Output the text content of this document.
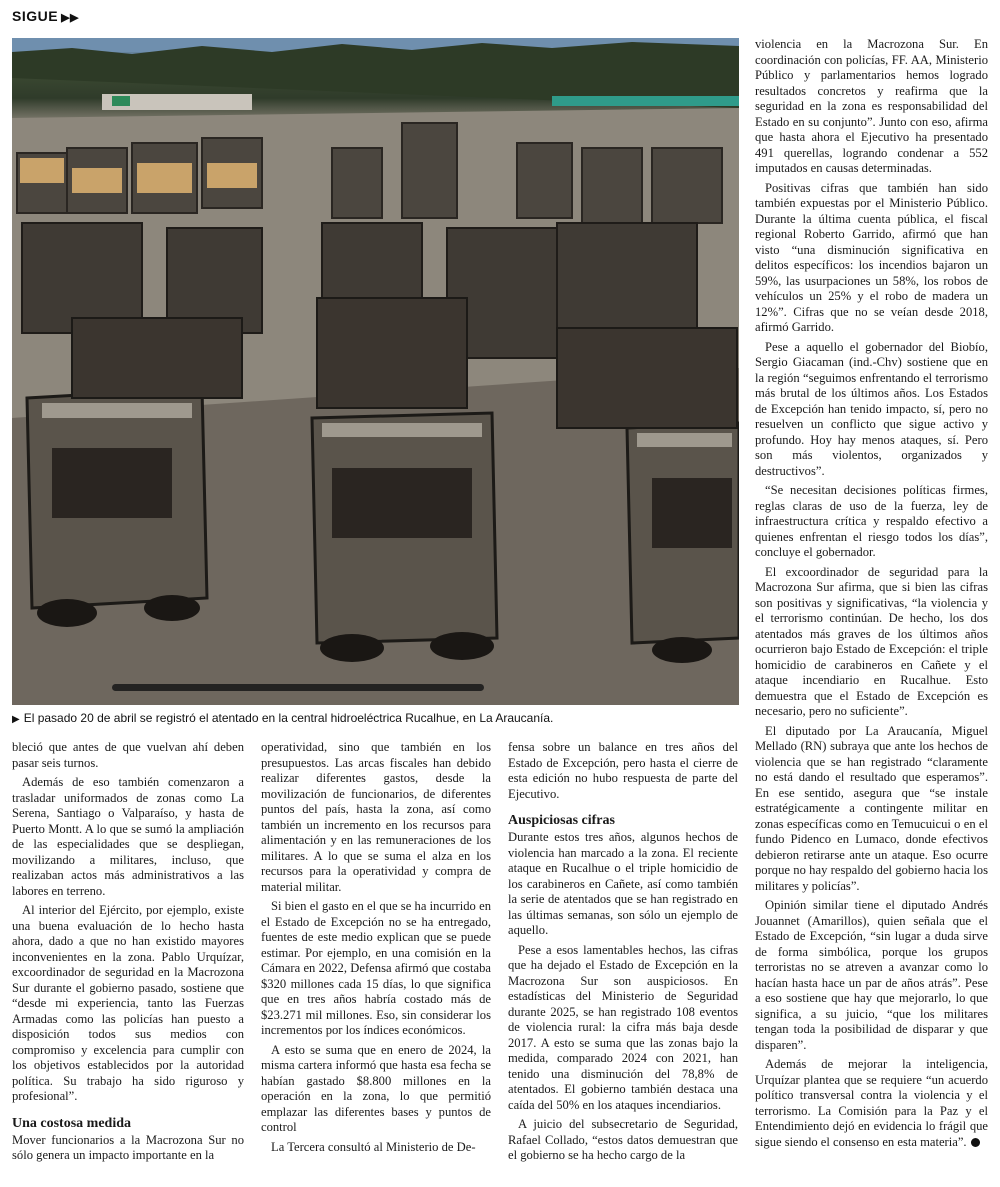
SIGUE ▶▶
▶ El pasado 20 de abril se registró el atentado en la central hidroeléctrica Rucalhue, en La Araucanía.

bleció que antes de que vuelvan ahí deben pasar seis turnos.

Además de eso también comenzaron a trasladar uniformados de zonas como La Serena, Santiago o Valparaíso, y hasta de Puerto Montt. A lo que se sumó la ampliación de las especialidades que se despliegan, movilizando a militares, incluso, que realizaban actos más administrativos a las labores en terreno.

Al interior del Ejército, por ejemplo, existe una buena evaluación de lo hecho hasta ahora, dado a que no han existido mayores inconvenientes en la zona. Pablo Urquízar, excoordinador de seguridad en la Macrozona Sur durante el gobierno pasado, sostiene que “desde mi experiencia, tanto las Fuerzas Armadas como las policías han puesto a disposición todos sus medios con compromiso y excelencia para cumplir con los objetivos establecidos por la autoridad política. Su trabajo ha sido riguroso y profesional”.

Una costosa medida

Mover funcionarios a la Macrozona Sur no sólo genera un impacto importante en la

operatividad, sino que también en los presupuestos. Las arcas fiscales han debido realizar diferentes gastos, desde la movilización de funcionarios, de diferentes puntos del país, hasta la zona, así como también un incremento en los recursos para alimentación y en las remuneraciones de los militares. A lo que se suma el alza en los recursos para la operatividad y compra de material militar.

Si bien el gasto en el que se ha incurrido en el Estado de Excepción no se ha entregado, fuentes de este medio explican que se puede estimar. Por ejemplo, en una comisión en la Cámara en 2022, Defensa afirmó que costaba $320 millones cada 15 días, lo que significa que en tres años habría costado más de $23.271 mil millones. Eso, sin considerar los incrementos por los índices económicos.

A esto se suma que en enero de 2024, la misma cartera informó que hasta esa fecha se habían gastado $8.800 millones en la operación en la zona, lo que permitió emplazar las diferentes bases y puntos de control

La Tercera consultó al Ministerio de De-

fensa sobre un balance en tres años del Estado de Excepción, pero hasta el cierre de esta edición no hubo respuesta de parte del Ejecutivo.

Auspiciosas cifras

Durante estos tres años, algunos hechos de violencia han marcado a la zona. El reciente ataque en Rucalhue o el triple homicidio de los carabineros en Cañete, así como también la serie de atentados que se han registrado en las últimas semanas, son sólo un ejemplo de aquello.

Pese a esos lamentables hechos, las cifras que ha dejado el Estado de Excepción en la Macrozona Sur son auspiciosos. En estadísticas del Ministerio de Seguridad durante 2025, se han registrado 108 eventos de violencia rural: la cifra más baja desde 2017. A esto se suma que las zonas bajo la medida, comparado 2024 con 2021, han tenido una disminución del 78,8% de atentados. El gobierno también destaca una caída del 50% en los ataques incendiarios.

A juicio del subsecretario de Seguridad, Rafael Collado, “estos datos demuestran que el gobierno se ha hecho cargo de la

violencia en la Macrozona Sur. En coordinación con policías, FF. AA, Ministerio Público y parlamentarios hemos logrado resultados concretos y reafirma que la seguridad en la zona es responsabilidad del Estado en su conjunto”. Junto con eso, afirma que hasta ahora el Ejecutivo ha presentado 491 querellas, logrando condenar a 552 imputados en causas determinadas.

Positivas cifras que también han sido también expuestas por el Ministerio Público. Durante la última cuenta pública, el fiscal regional Roberto Garrido, afirmó que han visto “una disminución significativa en delitos específicos: los incendios bajaron un 59%, las usurpaciones un 58%, los robos de vehículos un 25% y el robo de madera un 12%”. Cifras que no se veían desde 2018, afirmó Garrido.

Pese a aquello el gobernador del Biobío, Sergio Giacaman (ind.-Chv) sostiene que en la región “seguimos enfrentando el terrorismo más brutal de los últimos años. Los Estados de Excepción han tenido impacto, sí, pero no resuelven un conflicto que sigue activo y profundo. Hoy hay menos ataques, sí. Pero son más violentos, organizados y destructivos”.

“Se necesitan decisiones políticas firmes, reglas claras de uso de la fuerza, ley de infraestructura crítica y respaldo efectivo a quienes enfrentan el riesgo todos los días”, concluye el gobernador.

El excoordinador de seguridad para la Macrozona Sur afirma, que si bien las cifras son positivas y significativas, “la violencia y el terrorismo continúan. De hecho, los dos atentados más graves de los últimos años ocurrieron bajo Estado de Excepción: el triple homicidio de carabineros en Cañete y el ataque incendiario en Rucalhue. Esto demuestra que el Estado de Excepción es necesario, pero no suficiente”.

El diputado por La Araucanía, Miguel Mellado (RN) subraya que ante los hechos de violencia que se han registrado “claramente no está dando el resultado que esperamos”. En ese sentido, asegura que “se instale estratégicamente a contingente militar en zonas específicas como en Temucuicui o en el fundo Pidenco en Lumaco, donde efectivos debieron retirarse ante un ataque. Eso ocurre porque no hay respaldo del gobierno hacia los militares y policías”.

Opinión similar tiene el diputado Andrés Jouannet (Amarillos), quien señala que el Estado de Excepción, “sin lugar a duda sirve de forma simbólica, porque los grupos terroristas no se atreven a avanzar como lo hacían hasta hace un par de años atrás”. Pese a eso sostiene que hay que mejorarlo, lo que significa, a su juicio, “que los militares tengan toda la posibilidad de disparar y que disparen”.

Además de mejorar la inteligencia, Urquízar plantea que se requiere “un acuerdo político transversal contra la violencia y el terrorismo. La Comisión para la Paz y el Entendimiento dejó en evidencia lo frágil que sigue siendo el consenso en esta materia”.
